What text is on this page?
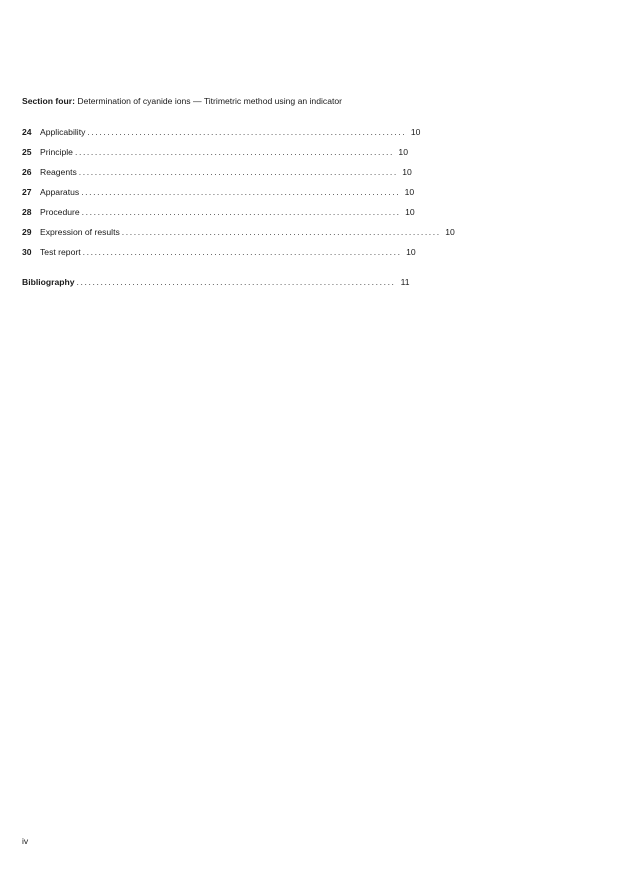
Section four: Determination of cyanide ions — Titrimetric method using an indicator
24 Applicability ................................................................................ 10
25 Principle ................................................................................ 10
26 Reagents ................................................................................ 10
27 Apparatus ................................................................................ 10
28 Procedure ................................................................................ 10
29 Expression of results ................................................................................ 10
30 Test report ................................................................................ 10
Bibliography ................................................................................ 11
iv
